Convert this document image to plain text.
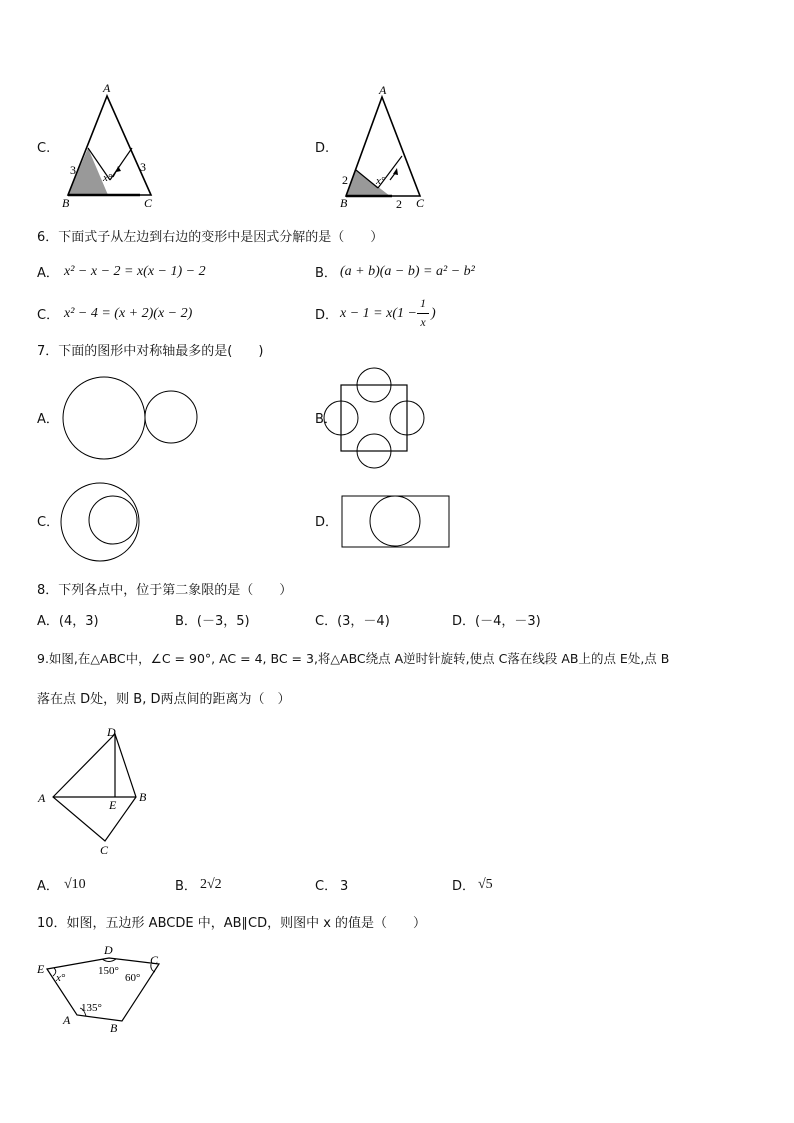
C.
A
B	C
3	3
x°
D.
A
B	C
2
2
x°
6．下面式子从左边到右边的变形中是因式分解的是（　　）
A． x² − x − 2 = x(x − 1) − 2	B． (a + b)(a − b) = a² − b²
C． x² − 4 = (x + 2)(x − 2)	D． x − 1 = x(1 −
1
x
)
7．下面的图形中对称轴最多的是(　　)
A．	B．
C．	D．
8．下列各点中，位于第二象限的是（　　）
A．(4，3)	B．(－3，5)	C．(3，－4)	D．(－4，－3)
9.如图,在△ABC中，∠C = 90°, AC = 4, BC = 3,将△ABC绕点 A逆时针旋转,使点 C落在线段 AB上的点 E处,点 B
落在点 D处，则 B, D两点间的距离为（　）
D
A	E
B
C
A． √10	B． 2√2	C． 3	D． √5
10．如图，五边形 ABCDE 中，AB∥CD，则图中 x 的值是（　　）
D
E
C
A
B
x°
150°
60°
135°
